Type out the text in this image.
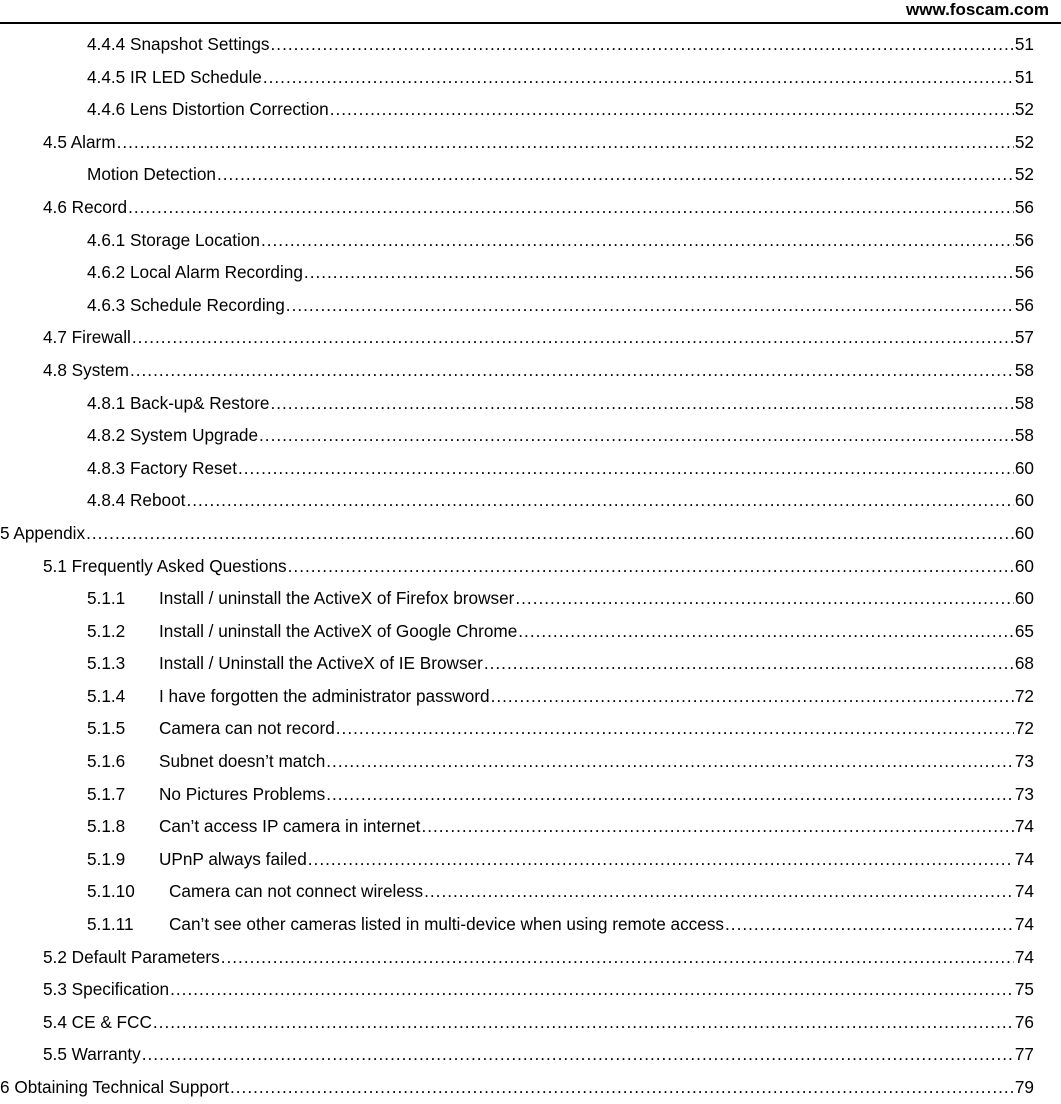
www.foscam.com
4.4.4 Snapshot Settings .....	51
4.4.5 IR LED Schedule .....	51
4.4.6 Lens Distortion Correction .....	52
4.5 Alarm .....	52
Motion Detection .....	52
4.6 Record .....	56
4.6.1 Storage Location .....	56
4.6.2 Local Alarm Recording .....	56
4.6.3 Schedule Recording .....	56
4.7 Firewall .....	57
4.8 System .....	58
4.8.1 Back-up& Restore .....	58
4.8.2 System Upgrade .....	58
4.8.3 Factory Reset .....	60
4.8.4 Reboot .....	60
5 Appendix .....	60
5.1 Frequently Asked Questions .....	60
5.1.1 Install / uninstall the ActiveX of Firefox browser .....	60
5.1.2 Install / uninstall the ActiveX of Google Chrome .....	65
5.1.3 Install / Uninstall the ActiveX of IE Browser .....	68
5.1.4 I have forgotten the administrator password .....	72
5.1.5 Camera can not record .....	72
5.1.6 Subnet doesn’t match .....	73
5.1.7 No Pictures Problems .....	73
5.1.8 Can’t access IP camera in internet .....	74
5.1.9 UPnP always failed .....	74
5.1.10 Camera can not connect wireless .....	74
5.1.11 Can’t see other cameras listed in multi-device when using remote access .....	74
5.2 Default Parameters .....	74
5.3 Specification .....	75
5.4 CE & FCC .....	76
5.5 Warranty .....	77
6 Obtaining Technical Support .....	79
